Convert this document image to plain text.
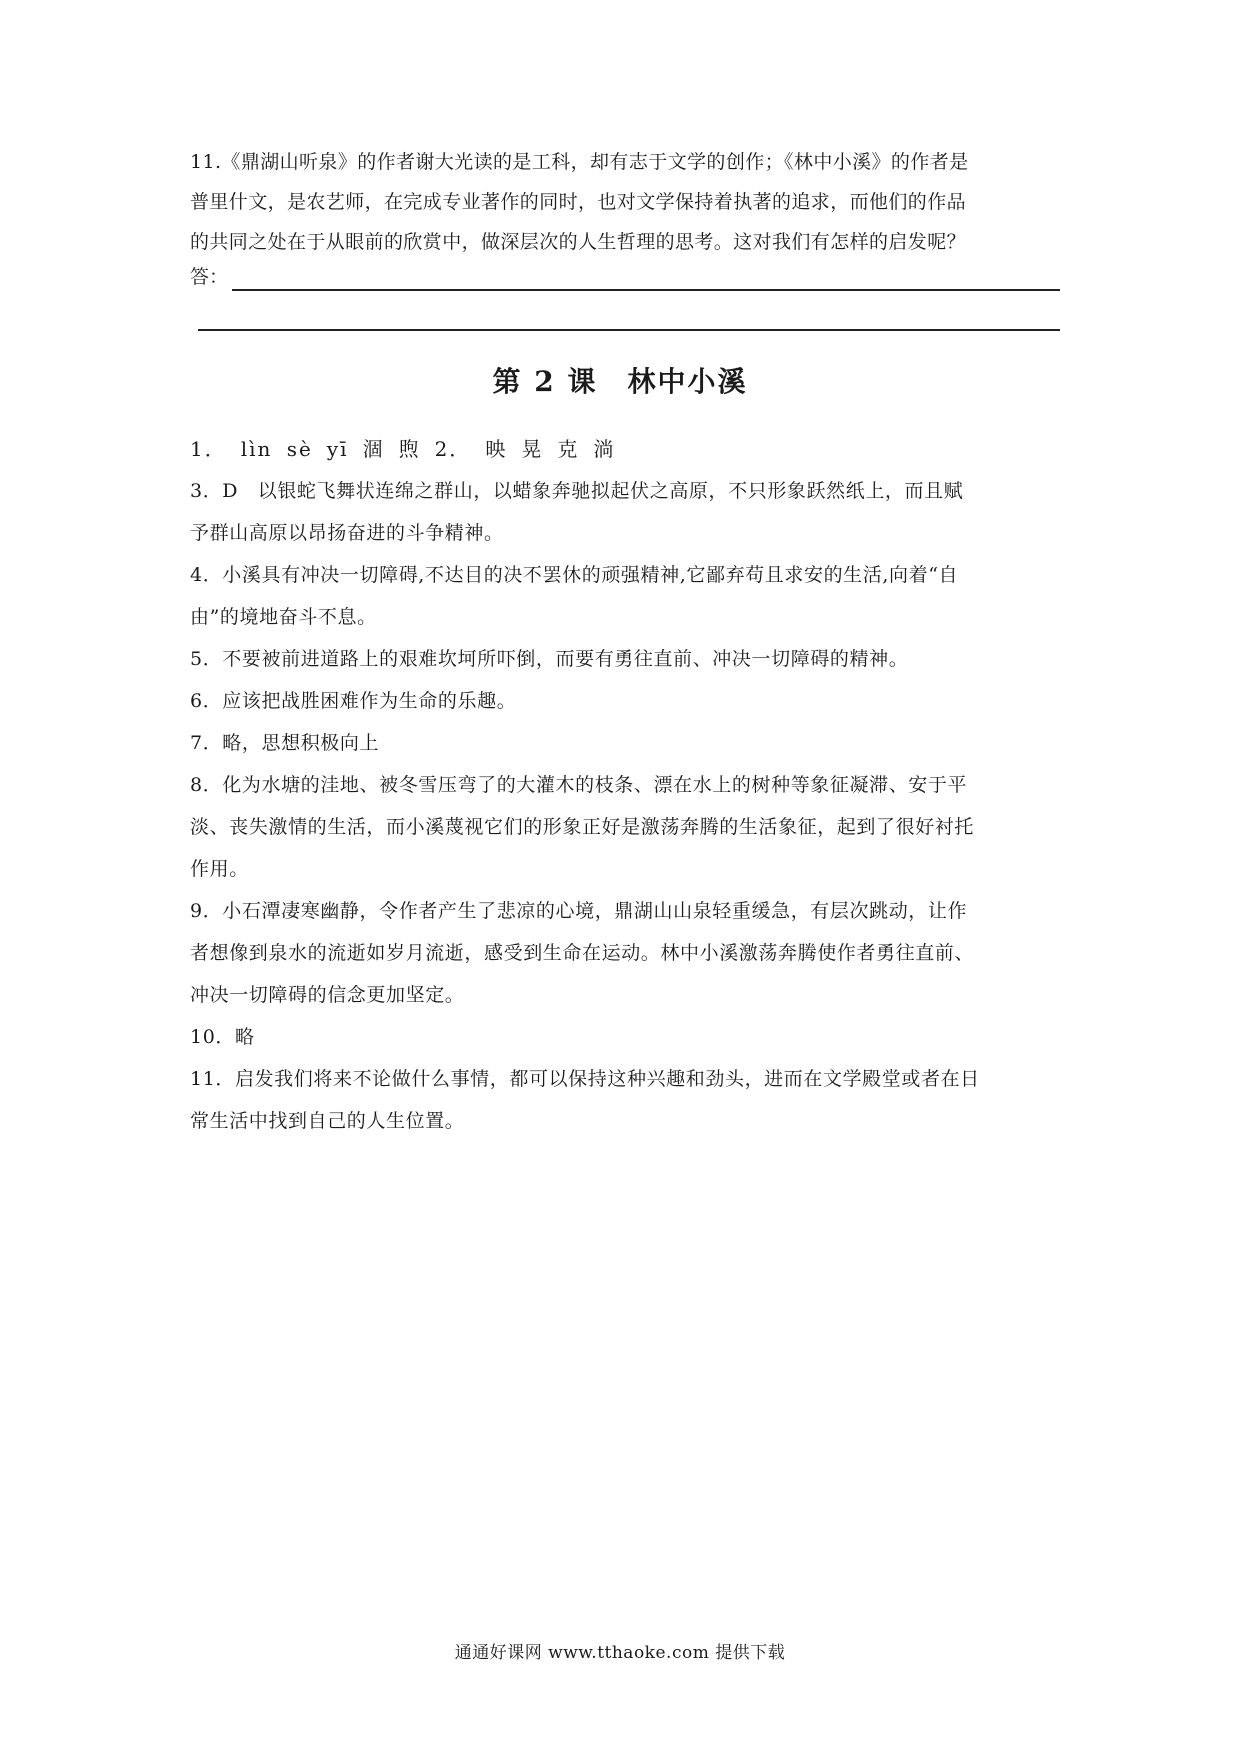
11.《鼎湖山听泉》的作者谢大光读的是工科，却有志于文学的创作；《林中小溪》的作者是

普里什文，是农艺师，在完成专业著作的同时，也对文学保持着执著的追求，而他们的作品

的共同之处在于从眼前的欣赏中，做深层次的人生哲理的思考。这对我们有怎样的启发呢？

答：
第 2 课 林中小溪

1． lìn sè yī 涸 煦 2． 映 晃 克 淌

3．D　以银蛇飞舞状连绵之群山，以蜡象奔驰拟起伏之高原，不只形象跃然纸上，而且赋

予群山高原以昂扬奋进的斗争精神。

4．小溪具有冲决一切障碍,不达目的决不罢休的顽强精神,它鄙弃苟且求安的生活,向着“自

由”的境地奋斗不息。

5．不要被前进道路上的艰难坎坷所吓倒，而要有勇往直前、冲决一切障碍的精神。

6．应该把战胜困难作为生命的乐趣。

7．略，思想积极向上

8．化为水塘的洼地、被冬雪压弯了的大灌木的枝条、漂在水上的树种等象征凝滞、安于平

淡、丧失激情的生活，而小溪蔑视它们的形象正好是激荡奔腾的生活象征，起到了很好衬托

作用。

9．小石潭凄寒幽静，令作者产生了悲凉的心境，鼎湖山山泉轻重缓急，有层次跳动，让作

者想像到泉水的流逝如岁月流逝，感受到生命在运动。林中小溪激荡奔腾使作者勇往直前、

冲决一切障碍的信念更加坚定。

10．略

11．启发我们将来不论做什么事情，都可以保持这种兴趣和劲头，进而在文学殿堂或者在日

常生活中找到自己的人生位置。

通通好课网 www.tthaoke.com 提供下载
